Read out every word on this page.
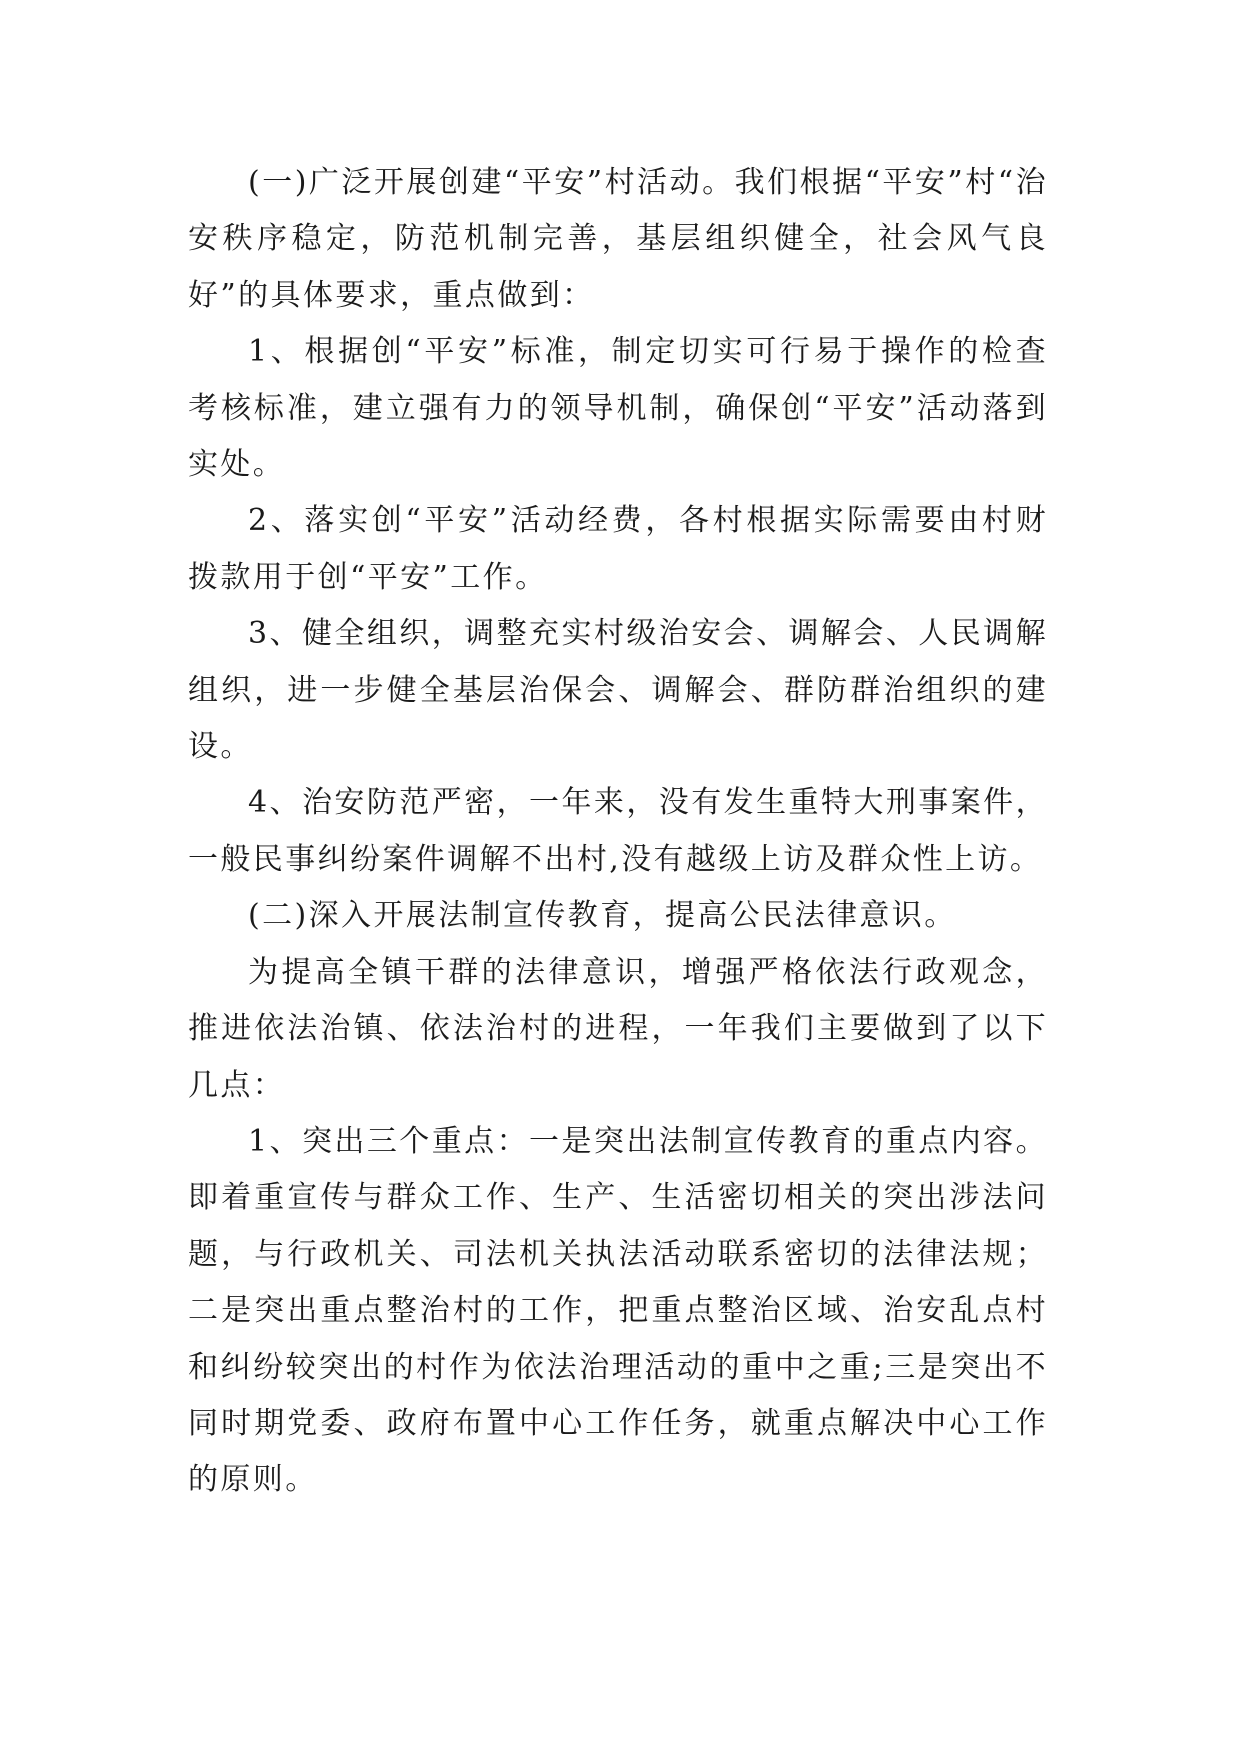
(一)广泛开展创建“平安”村活动。我们根据“平安”村“治安秩序稳定，防范机制完善，基层组织健全，社会风气良好”的具体要求，重点做到：

1、根据创“平安”标准，制定切实可行易于操作的检查考核标准，建立强有力的领导机制，确保创“平安”活动落到实处。

2、落实创“平安”活动经费，各村根据实际需要由村财拨款用于创“平安”工作。

3、健全组织，调整充实村级治安会、调解会、人民调解组织，进一步健全基层治保会、调解会、群防群治组织的建设。

4、治安防范严密，一年来，没有发生重特大刑事案件，一般民事纠纷案件调解不出村,没有越级上访及群众性上访。

(二)深入开展法制宣传教育，提高公民法律意识。

为提高全镇干群的法律意识，增强严格依法行政观念，推进依法治镇、依法治村的进程，一年我们主要做到了以下几点：

1、突出三个重点：一是突出法制宣传教育的重点内容。即着重宣传与群众工作、生产、生活密切相关的突出涉法问题，与行政机关、司法机关执法活动联系密切的法律法规；二是突出重点整治村的工作，把重点整治区域、治安乱点村和纠纷较突出的村作为依法治理活动的重中之重;三是突出不同时期党委、政府布置中心工作任务，就重点解决中心工作的原则。
